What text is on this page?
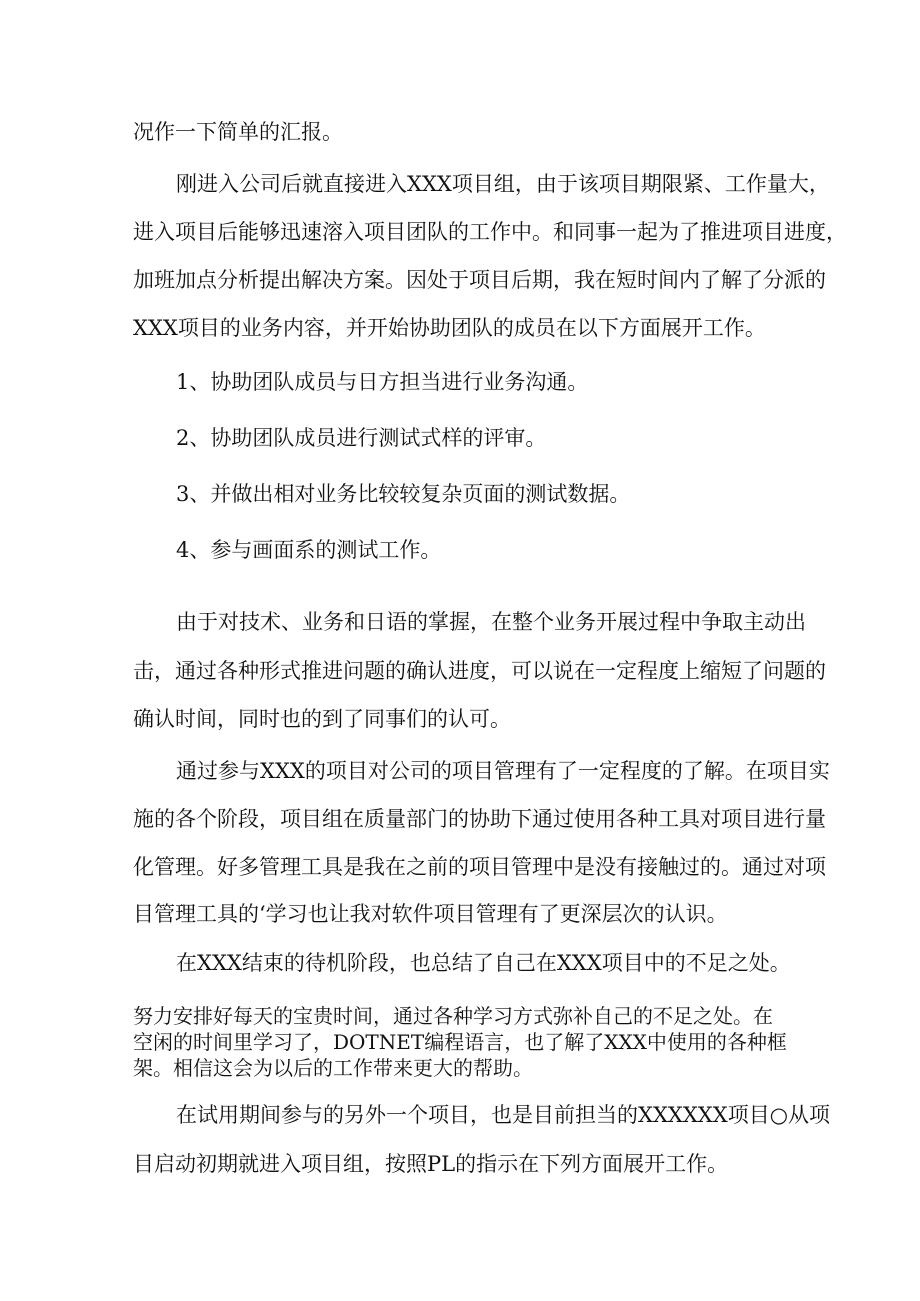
况作一下简单的汇报。

刚进入公司后就直接进入XXX项目组，由于该项目期限紧、工作量大，

进入项目后能够迅速溶入项目团队的工作中。和同事一起为了推进项目进度，

加班加点分析提出解决方案。因处于项目后期，我在短时间内了解了分派的

XXX项目的业务内容，并开始协助团队的成员在以下方面展开工作。

1、协助团队成员与日方担当进行业务沟通。

2、协助团队成员进行测试式样的评审。

3、并做出相对业务比较较复杂页面的测试数据。

4、参与画面系的测试工作。

由于对技术、业务和日语的掌握，在整个业务开展过程中争取主动出

击，通过各种形式推进问题的确认进度，可以说在一定程度上缩短了问题的

确认时间，同时也的到了同事们的认可。

通过参与XXX的项目对公司的项目管理有了一定程度的了解。在项目实

施的各个阶段，项目组在质量部门的协助下通过使用各种工具对项目进行量

化管理。好多管理工具是我在之前的项目管理中是没有接触过的。通过对项

目管理工具的‘学习也让我对软件项目管理有了更深层次的认识。

在XXX结束的待机阶段，也总结了自己在XXX项目中的不足之处。

努力安排好每天的宝贵时间，通过各种学习方式弥补自己的不足之处。在

空闲的时间里学习了，DOTNET编程语言，也了解了XXX中使用的各种框

架。相信这会为以后的工作带来更大的帮助。

在试用期间参与的另外一个项目，也是目前担当的XXXXXX项目○从项

目启动初期就进入项目组，按照PL的指示在下列方面展开工作。
